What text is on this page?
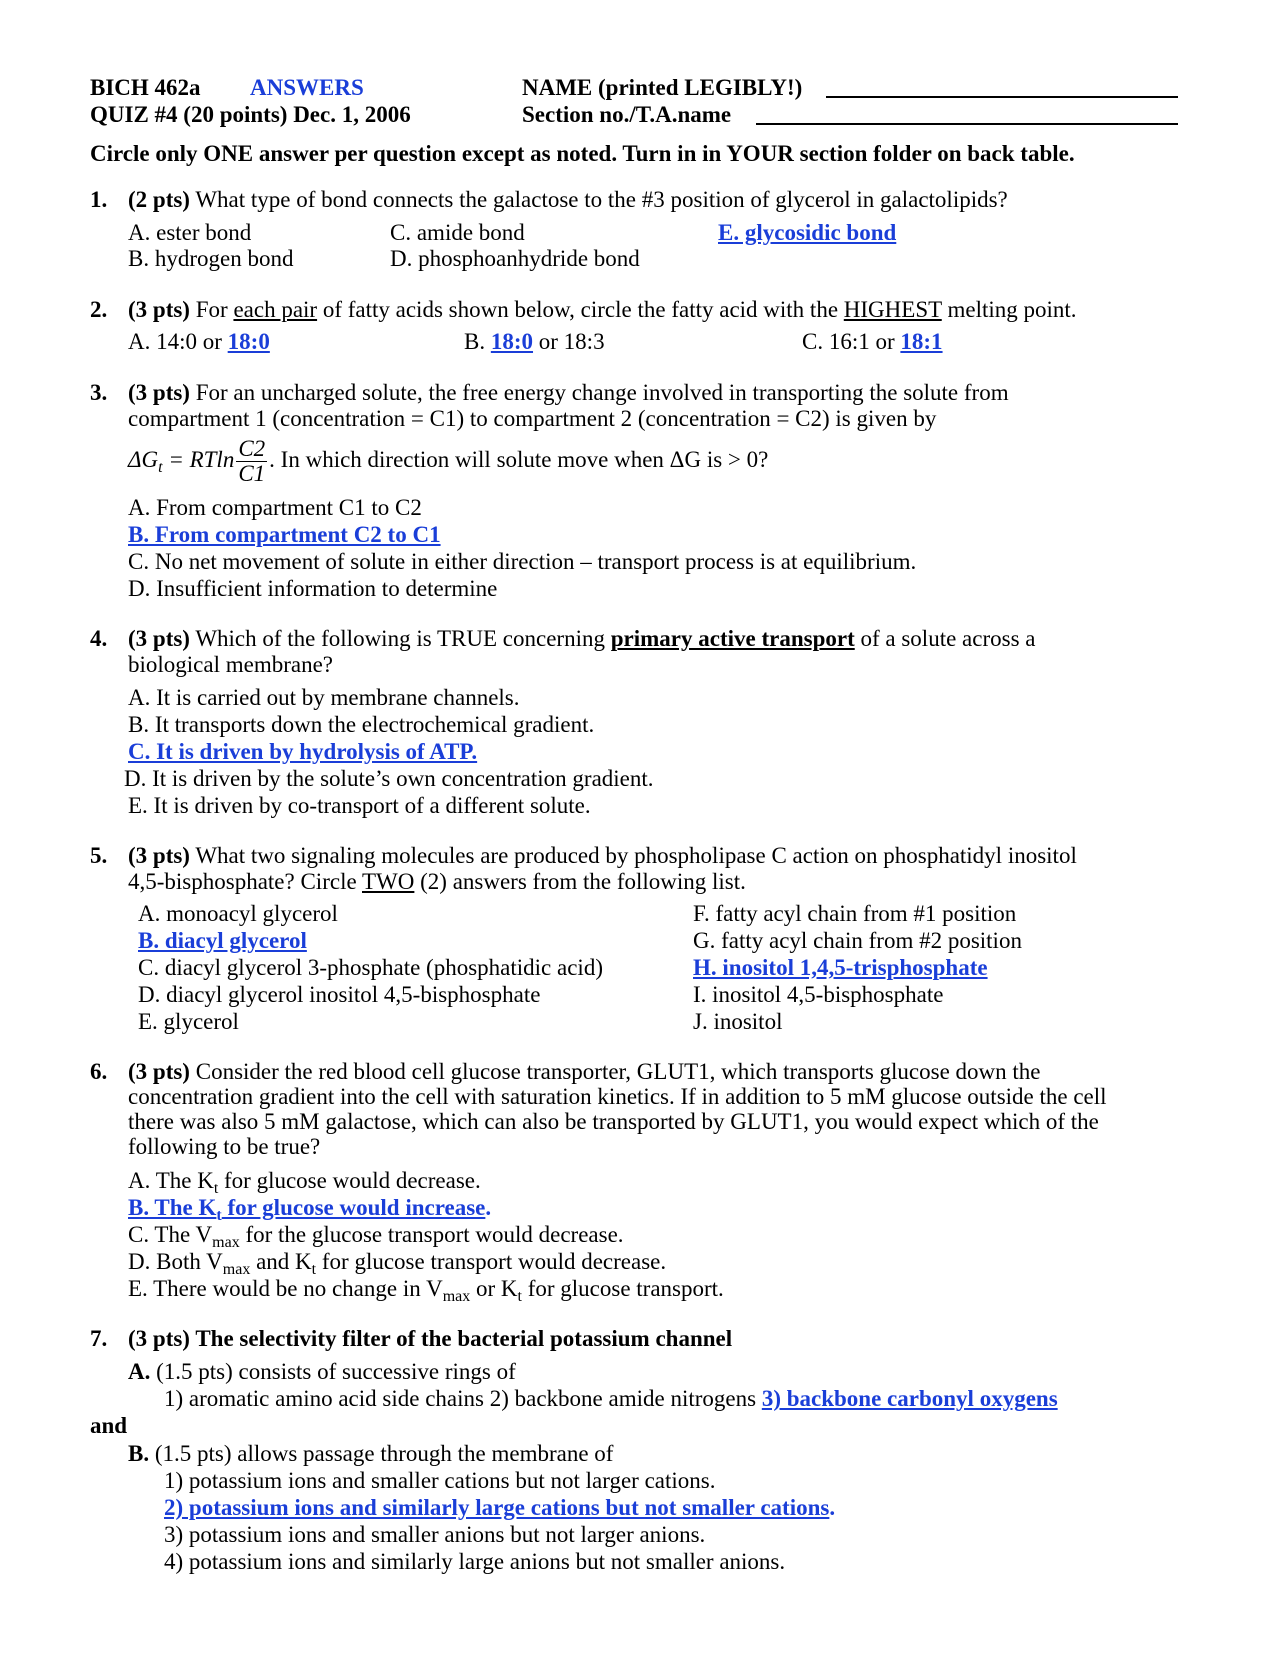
BICH 462a ANSWERS
QUIZ #4 (20 points) Dec. 1, 2006
NAME (printed LEGIBLY!)
Section no./T.A.name
Circle only ONE answer per question except as noted. Turn in in YOUR section folder on back table.
1. (2 pts) What type of bond connects the galactose to the #3 position of glycerol in galactolipids?
A. ester bond
B. hydrogen bond
C. amide bond
D. phosphoanhydride bond
E. glycosidic bond
2. (3 pts) For each pair of fatty acids shown below, circle the fatty acid with the HIGHEST melting point.
A. 14:0 or 18:0	B. 18:0 or 18:3	C. 16:1 or 18:1
3. (3 pts) For an uncharged solute, the free energy change involved in transporting the solute from
compartment 1 (concentration = C1) to compartment 2 (concentration = C2) is given by
$\Delta G_t = RTln \frac{C2}{C1}$ . In which direction will solute move when ΔG is > 0?
A. From compartment C1 to C2
B. From compartment C2 to C1
C. No net movement of solute in either direction – transport process is at equilibrium.
D. Insufficient information to determine
4. (3 pts) Which of the following is TRUE concerning primary active transport of a solute across a
biological membrane?
A. It is carried out by membrane channels.
B. It transports down the electrochemical gradient.
C. It is driven by hydrolysis of ATP.
D. It is driven by the solute’s own concentration gradient.
E. It is driven by co-transport of a different solute.
5. (3 pts) What two signaling molecules are produced by phospholipase C action on phosphatidyl inositol
4,5-bisphosphate? Circle TWO (2) answers from the following list.
A. monoacyl glycerol
B. diacyl glycerol
C. diacyl glycerol 3-phosphate (phosphatidic acid)
D. diacyl glycerol inositol 4,5-bisphosphate
E. glycerol
F. fatty acyl chain from #1 position
G. fatty acyl chain from #2 position
H. inositol 1,4,5-trisphosphate
I. inositol 4,5-bisphosphate
J. inositol
6. (3 pts) Consider the red blood cell glucose transporter, GLUT1, which transports glucose down the
concentration gradient into the cell with saturation kinetics. If in addition to 5 mM glucose outside the cell
there was also 5 mM galactose, which can also be transported by GLUT1, you would expect which of the
following to be true?
A. The $K_t$ for glucose would decrease.
B. The $K_t$ for glucose would increase.
C. The $V_{max}$ for the glucose transport would decrease.
D. Both $V_{max}$ and $K_t$ for glucose transport would decrease.
E. There would be no change in $V_{max}$ or $K_t$ for glucose transport.
7. (3 pts) The selectivity filter of the bacterial potassium channel
A. (1.5 pts) consists of successive rings of
1) aromatic amino acid side chains 2) backbone amide nitrogens 3) backbone carbonyl oxygens
and
B. (1.5 pts) allows passage through the membrane of
1) potassium ions and smaller cations but not larger cations.
2) potassium ions and similarly large cations but not smaller cations.
3) potassium ions and smaller anions but not larger anions.
4) potassium ions and similarly large anions but not smaller anions.
